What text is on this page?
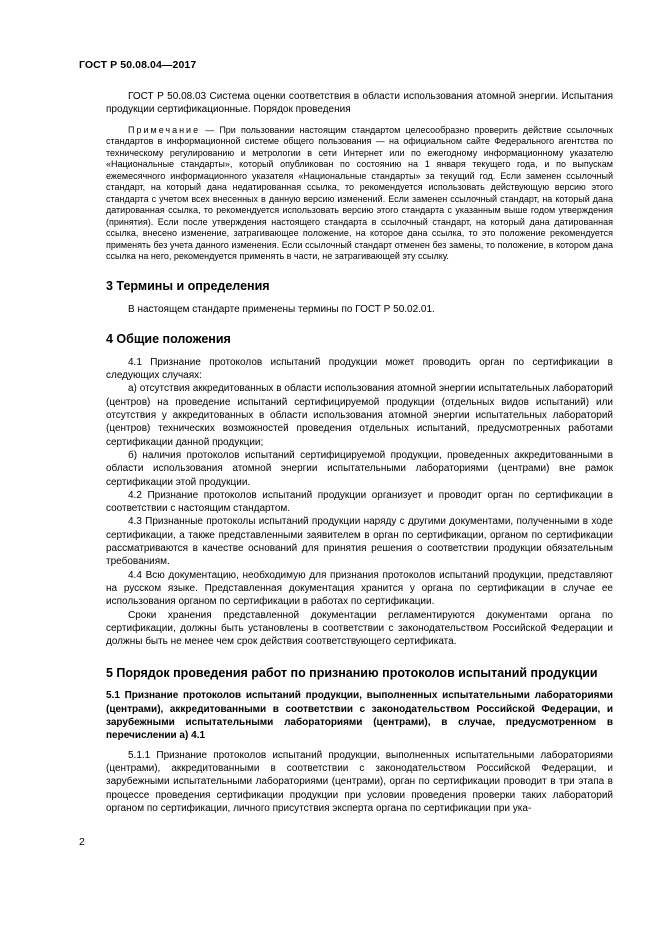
ГОСТ Р 50.08.04—2017

ГОСТ Р 50.08.03 Система оценки соответствия в области использования атомной энергии. Испытания продукции сертификационные. Порядок проведения

Примечание — При пользовании настоящим стандартом целесообразно проверить действие ссылочных стандартов в информационной системе общего пользования — на официальном сайте Федерального агентства по техническому регулированию и метрологии в сети Интернет или по ежегодному информационному указателю «Национальные стандарты», который опубликован по состоянию на 1 января текущего года, и по выпускам ежемесячного информационного указателя «Национальные стандарты» за текущий год. Если заменен ссылочный стандарт, на который дана недатированная ссылка, то рекомендуется использовать действующую версию этого стандарта с учетом всех внесенных в данную версию изменений. Если заменен ссылочный стандарт, на который дана датированная ссылка, то рекомендуется использовать версию этого стандарта с указанным выше годом утверждения (принятия). Если после утверждения настоящего стандарта в ссылочный стандарт, на который дана датированная ссылка, внесено изменение, затрагивающее положение, на которое дана ссылка, то это положение рекомендуется применять без учета данного изменения. Если ссылочный стандарт отменен без замены, то положение, в котором дана ссылка на него, рекомендуется применять в части, не затрагивающей эту ссылку.

3 Термины и определения

В настоящем стандарте применены термины по ГОСТ Р 50.02.01.

4 Общие положения

4.1 Признание протоколов испытаний продукции может проводить орган по сертификации в следующих случаях:

а) отсутствия аккредитованных в области использования атомной энергии испытательных лабораторий (центров) на проведение испытаний сертифицируемой продукции (отдельных видов испытаний) или отсутствия у аккредитованных в области использования атомной энергии испытательных лабораторий (центров) технических возможностей проведения отдельных испытаний, предусмотренных работами сертификации данной продукции;

б) наличия протоколов испытаний сертифицируемой продукции, проведенных аккредитованными в области использования атомной энергии испытательными лабораториями (центрами) вне рамок сертификации этой продукции.

4.2 Признание протоколов испытаний продукции организует и проводит орган по сертификации в соответствии с настоящим стандартом.

4.3 Признанные протоколы испытаний продукции наряду с другими документами, полученными в ходе сертификации, а также представленными заявителем в орган по сертификации, органом по сертификации рассматриваются в качестве оснований для принятия решения о соответствии продукции обязательным требованиям.

4.4 Всю документацию, необходимую для признания протоколов испытаний продукции, представляют на русском языке. Представленная документация хранится у органа по сертификации в случае ее использования органом по сертификации в работах по сертификации.

Сроки хранения представленной документации регламентируются документами органа по сертификации, должны быть установлены в соответствии с законодательством Российской Федерации и должны быть не менее чем срок действия соответствующего сертификата.

5 Порядок проведения работ по признанию протоколов испытаний продукции

5.1 Признание протоколов испытаний продукции, выполненных испытательными лабораториями (центрами), аккредитованными в соответствии с законодательством Российской Федерации, и зарубежными испытательными лабораториями (центрами), в случае, предусмотренном в перечислении а) 4.1

5.1.1 Признание протоколов испытаний продукции, выполненных испытательными лабораториями (центрами), аккредитованными в соответствии с законодательством Российской Федерации, и зарубежными испытательными лабораториями (центрами), орган по сертификации проводит в три этапа в процессе проведения сертификации продукции при условии проведения проверки таких лабораторий органом по сертификации, личного присутствия эксперта органа по сертификации при ука-

2
